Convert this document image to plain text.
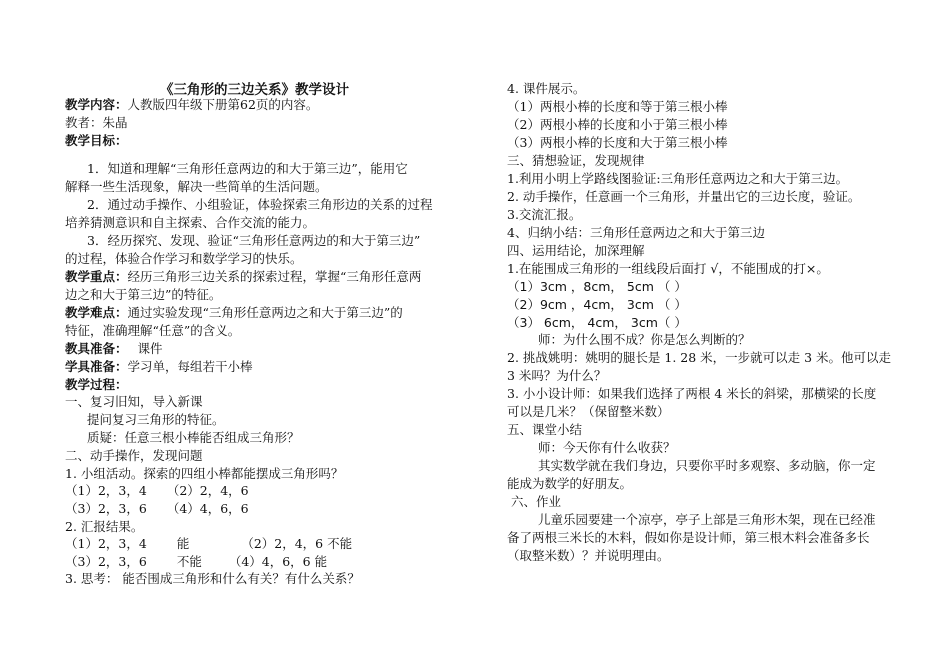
《三角形的三边关系》教学设计
教学内容：人教版四年级下册第62页的内容。
教者：朱晶
教学目标：
1．知道和理解“三角形任意两边的和大于第三边”，能用它
解释一些生活现象，解决一些简单的生活问题。
2．通过动手操作、小组验证，体验探索三角形边的关系的过程
培养猜测意识和自主探索、合作交流的能力。
3．经历探究、发现、验证“三角形任意两边的和大于第三边”
的过程，体验合作学习和数学学习的快乐。
教学重点：经历三角形三边关系的探索过程，掌握“三角形任意两
边之和大于第三边”的特征。
教学难点：通过实验发现“三角形任意两边之和大于第三边”的
特征，准确理解“任意”的含义。
教具准备： 课件
学具准备：学习单，每组若干小棒
教学过程：
一、复习旧知，导入新课
提问复习三角形的特征。
质疑：任意三根小棒能否组成三角形？
二、动手操作，发现问题
1. 小组活动。探索的四组小棒都能摆成三角形吗？
（1）2，3，4 （2）2，4，6
（3）2，3，6 （4）4，6，6
2. 汇报结果。
（1）2，3，4 能	（2）2，4，6 不能
（3）2，3，6 不能 （4）4，6，6 能
3. 思考： 能否围成三角形和什么有关？有什么关系？
4. 课件展示。
（1）两根小棒的长度和等于第三根小棒
（2）两根小棒的长度和小于第三根小棒
（3）两根小棒的长度和大于第三根小棒
三、猜想验证，发现规律
1.利用小明上学路线图验证:三角形任意两边之和大于第三边。
2. 动手操作，任意画一个三角形，并量出它的三边长度，验证。
3.交流汇报。
4、归纳小结：三角形任意两边之和大于第三边
四、运用结论，加深理解
1.在能围成三角形的一组线段后面打 √，不能围成的打×。
（1）3cm ，8cm， 5cm （ ）
（2）9cm ，4cm， 3cm （ ）
（3） 6cm， 4cm， 3cm（ ）
师：为什么围不成？你是怎么判断的？
2. 挑战姚明：姚明的腿长是 1. 28 米，一步就可以走 3 米。他可以走
3 米吗？为什么？
3. 小小设计师：如果我们选择了两根 4 米长的斜梁，那横梁的长度
可以是几米？（保留整米数）
五、课堂小结
师：今天你有什么收获？
其实数学就在我们身边，只要你平时多观察、多动脑，你一定
能成为数学的好朋友。
六、作业
儿童乐园要建一个凉亭，亭子上部是三角形木架，现在已经准
备了两根三米长的木料，假如你是设计师，第三根木料会准备多长
（取整米数）？并说明理由。
